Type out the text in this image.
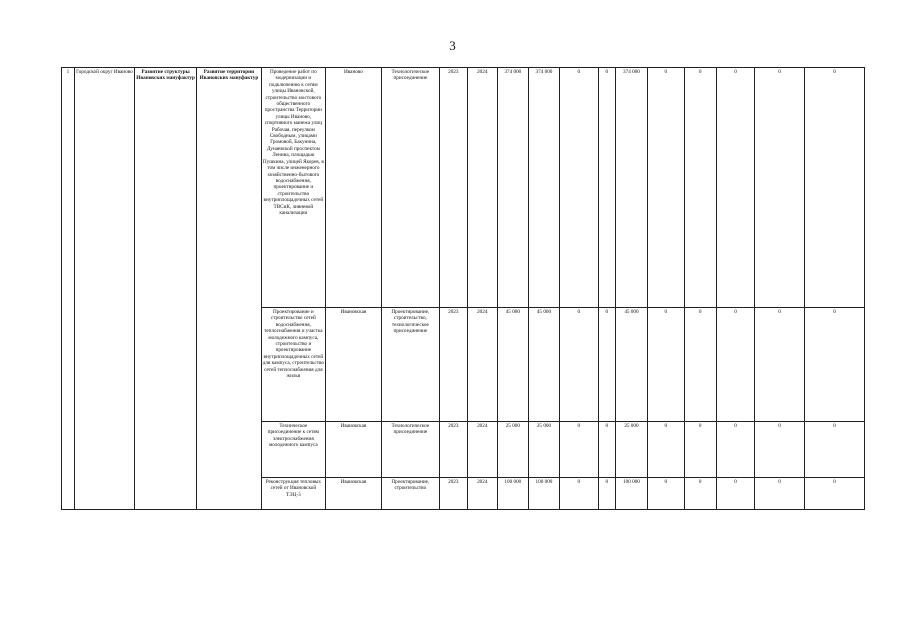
3
1	Городской округ Иваново	Развитие структуры Ивановских мануфактур	Развитие территории Ивановских мануфактур	Проведение работ по модернизации и подключению к сетям улицы Ивановской, строительство мостового общественного пространства Территории улицы Иваново, спортивного манежа улиц Рабочая, переулком Свободным, улицами Громовой, Бакунина, Дунаевской проспектом Ленина, площадью Пушкина, улицей Якорев, в том числе инженерного хозяйственно-бытового водоснабжения, проектирование и строительство внутриплощадочных сетей ТВСиК, ливневой канализации	Иваново	Технологическое присоединение	2023	2024	374 000	374 000	0	0	374 000	0	0	0	0	0
				Проектирование и строительство сетей водоснабжения, теплоснабжения и участка молодежного кампуса, строительство и проектирование внутриплощадочных сетей для кампуса, строительство сетей теплоснабжения для жилья	Ивановская	Проектирование, строительство, технологическое присоединение	2023	2024	45 000	45 000	0	0	45 000	0	0	0	0	0
				Техническое присоединение к сетям электроснабжения молодежного кампуса	Ивановская	Технологическое присоединение	2023	2024	25 000	25 000	0	0	25 000	0	0	0	0	0
				Реконструкция тепловых сетей от Ивановской ТЭЦ-3	Ивановская	Проектирование, строительство	2023	2024	100 000	100 000	0	0	100 000	0	0	0	0	0
